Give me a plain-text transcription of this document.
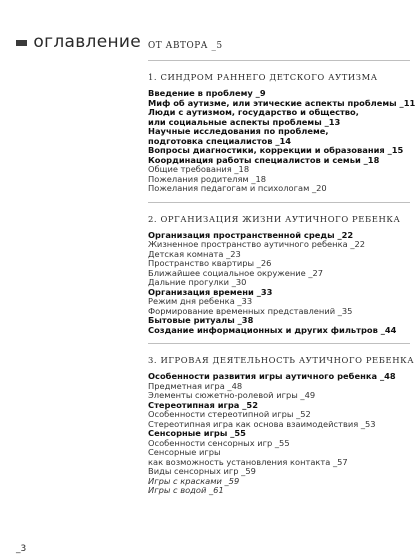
оглавление ОТ АВТОРА _5
1. СИНДРОМ РАННЕГО ДЕТСКОГО АУТИЗМА
Введение в проблему _9
Миф об аутизме, или этические аспекты проблемы _11
Люди с аутизмом, государство и общество,
или социальные аспекты проблемы _13
Научные исследования по проблеме,
подготовка специалистов _14
Вопросы диагностики, коррекции и образования _15
Координация работы специалистов и семьи _18
Общие требования _18
Пожелания родителям _18
Пожелания педагогам и психологам _20
2. ОРГАНИЗАЦИЯ ЖИЗНИ АУТИЧНОГО РЕБЕНКА
Организация пространственной среды _22
Жизненное пространство аутичного ребенка _22
Детская комната _23
Пространство квартиры _26
Ближайшее социальное окружение _27
Дальние прогулки _30
Организация времени _33
Режим дня ребенка _33
Формирование временных представлений _35
Бытовые ритуалы _38
Создание информационных и других фильтров _44
3. ИГРОВАЯ ДЕЯТЕЛЬНОСТЬ АУТИЧНОГО РЕБЕНКА
Особенности развития игры аутичного ребенка _48
Предметная игра _48
Элементы сюжетно-ролевой игры _49
Стереотипная игра _52
Особенности стереотипной игры _52
Стереотипная игра как основа взаимодействия _53
Сенсорные игры _55
Особенности сенсорных игр _55
Сенсорные игры
как возможность установления контакта _57
Виды сенсорных игр _59
Игры с красками _59
Игры с водой _61
_3
